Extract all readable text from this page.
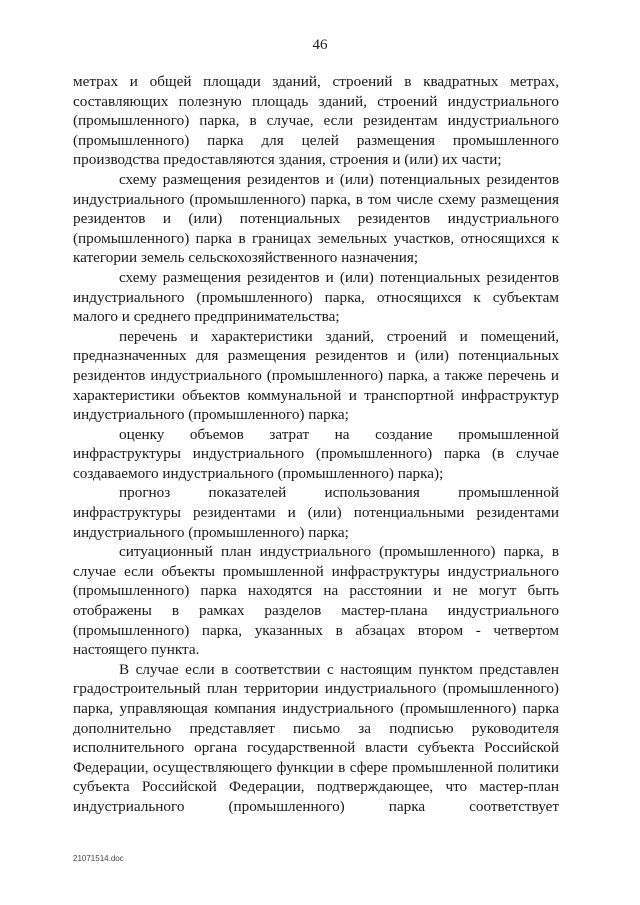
46

метрах и общей площади зданий, строений в квадратных метрах, составляющих полезную площадь зданий, строений индустриального (промышленного) парка, в случае, если резидентам индустриального (промышленного) парка для целей размещения промышленного производства предоставляются здания, строения и (или) их части;

схему размещения резидентов и (или) потенциальных резидентов индустриального (промышленного) парка, в том числе схему размещения резидентов и (или) потенциальных резидентов индустриального (промышленного) парка в границах земельных участков, относящихся к категории земель сельскохозяйственного назначения;

схему размещения резидентов и (или) потенциальных резидентов индустриального (промышленного) парка, относящихся к субъектам малого и среднего предпринимательства;

перечень и характеристики зданий, строений и помещений, предназначенных для размещения резидентов и (или) потенциальных резидентов индустриального (промышленного) парка, а также перечень и характеристики объектов коммунальной и транспортной инфраструктур индустриального (промышленного) парка;

оценку объемов затрат на создание промышленной инфраструктуры индустриального (промышленного) парка (в случае создаваемого индустриального (промышленного) парка);

прогноз показателей использования промышленной инфраструктуры резидентами и (или) потенциальными резидентами индустриального (промышленного) парка;

ситуационный план индустриального (промышленного) парка, в случае если объекты промышленной инфраструктуры индустриального (промышленного) парка находятся на расстоянии и не могут быть отображены в рамках разделов мастер-плана индустриального (промышленного) парка, указанных в абзацах втором - четвертом настоящего пункта.

В случае если в соответствии с настоящим пунктом представлен градостроительный план территории индустриального (промышленного) парка, управляющая компания индустриального (промышленного) парка дополнительно представляет письмо за подписью руководителя исполнительного органа государственной власти субъекта Российской Федерации, осуществляющего функции в сфере промышленной политики субъекта Российской Федерации, подтверждающее, что мастер-план индустриального (промышленного) парка соответствует

21071514.doc
